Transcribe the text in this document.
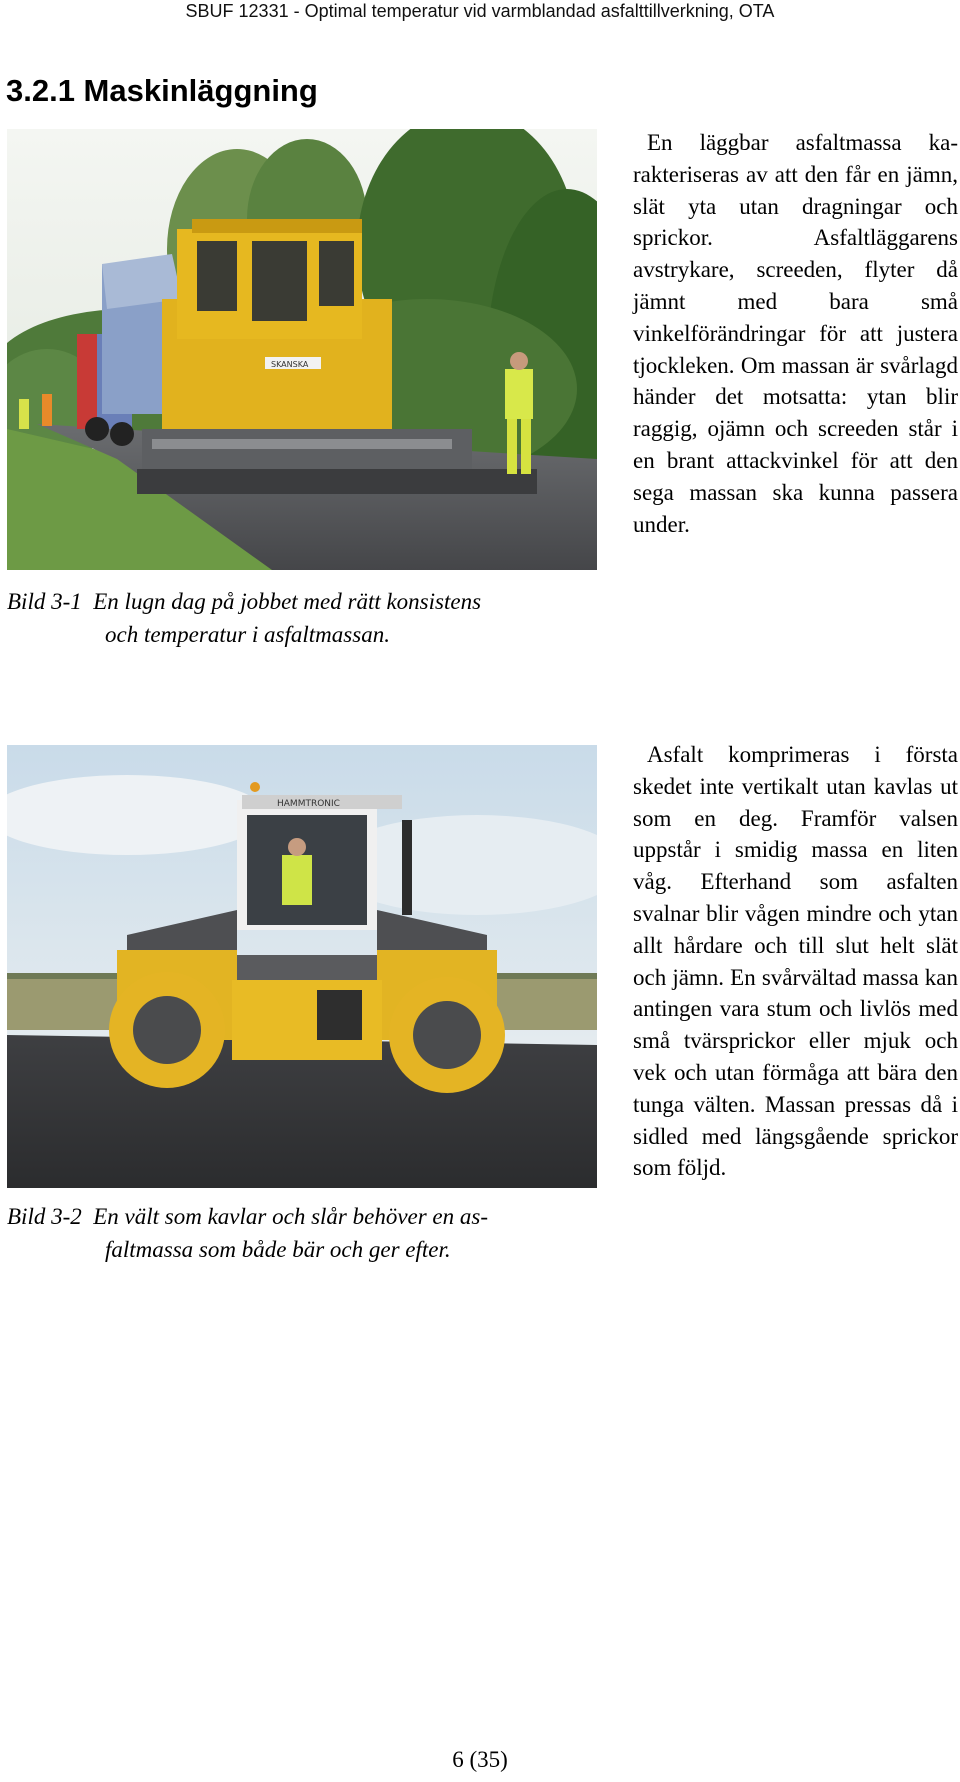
SBUF 12331 - Optimal temperatur vid varmblandad asfalttillverkning, OTA
3.2.1 Maskinläggning
SKANSKA
Bild 3-1 En lugn dag på jobbet med rätt konsistens
och temperatur i asfaltmassan.

En läggbar asfaltmassa karakteriseras av att den får en jämn, slät yta utan dragningar och sprickor. Asfaltläggarens avstrykare, screeden, flyter då jämnt med bara små vinkelförändringar för att justera tjockleken. Om massan är svårlagd händer det motsatta: ytan blir raggig, ojämn och screeden står i en brant attackvinkel för att den sega massan ska kunna passera under.

HAMMTRONIC
Bild 3-2 En vält som kavlar och slår behöver en as-
faltmassa som både bär och ger efter.

Asfalt komprimeras i första skedet inte vertikalt utan kavlas ut som en deg. Framför valsen uppstår i smidig massa en liten våg. Efterhand som asfalten svalnar blir vågen mindre och ytan allt hårdare och till slut helt slät och jämn. En svårvältad massa kan antingen vara stum och livlös med små tvärsprickor eller mjuk och vek och utan förmåga att bära den tunga välten. Massan pressas då i sidled med längsgående sprickor som följd.

6 (35)
